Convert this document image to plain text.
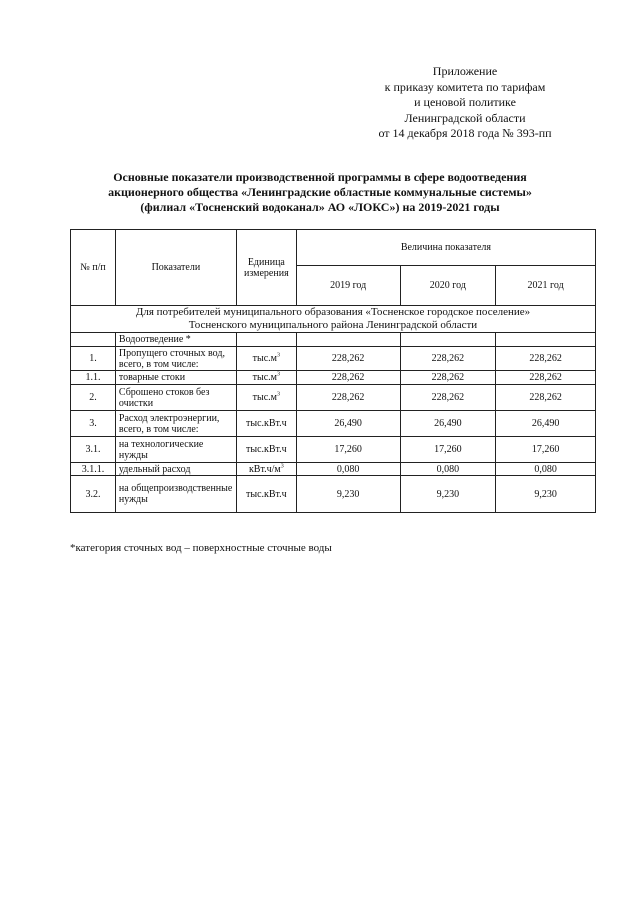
Приложение
к приказу комитета по тарифам
и ценовой политике
Ленинградской области
от 14 декабря 2018 года № 393-пп
Основные показатели производственной программы в сфере водоотведения
акционерного общества «Ленинградские областные коммунальные системы»
(филиал «Тосненский водоканал» АО «ЛОКС») на 2019-2021 годы
№ п/п	Показатели	Единица измерения	Величина показателя		
			2019 год	2020 год	2021 год

Для потребителей муниципального образования «Тосненское городское поселение»
Тосненского муниципального района Ленинградской области					

	Водоотведение *				
1.	Пропущего сточных вод, всего, в том числе:	$тыс.м^3$	228,262	228,262	228,262
1.1.	товарные стоки	$тыс.м^3$	228,262	228,262	228,262
2.	Сброшено стоков без очистки	$тыс.м^3$	228,262	228,262	228,262
3.	Расход электроэнергии, всего, в том числе:	тыс.кВт.ч	26,490	26,490	26,490
3.1.	на технологические нужды	тыс.кВт.ч	17,260	17,260	17,260
3.1.1.	удельный расход	$кВт.ч/м^3$	0,080	0,080	0,080
3.2.	на общепроизводственные нужды	тыс.кВт.ч	9,230	9,230	9,230
*категория сточных вод – поверхностные сточные воды
